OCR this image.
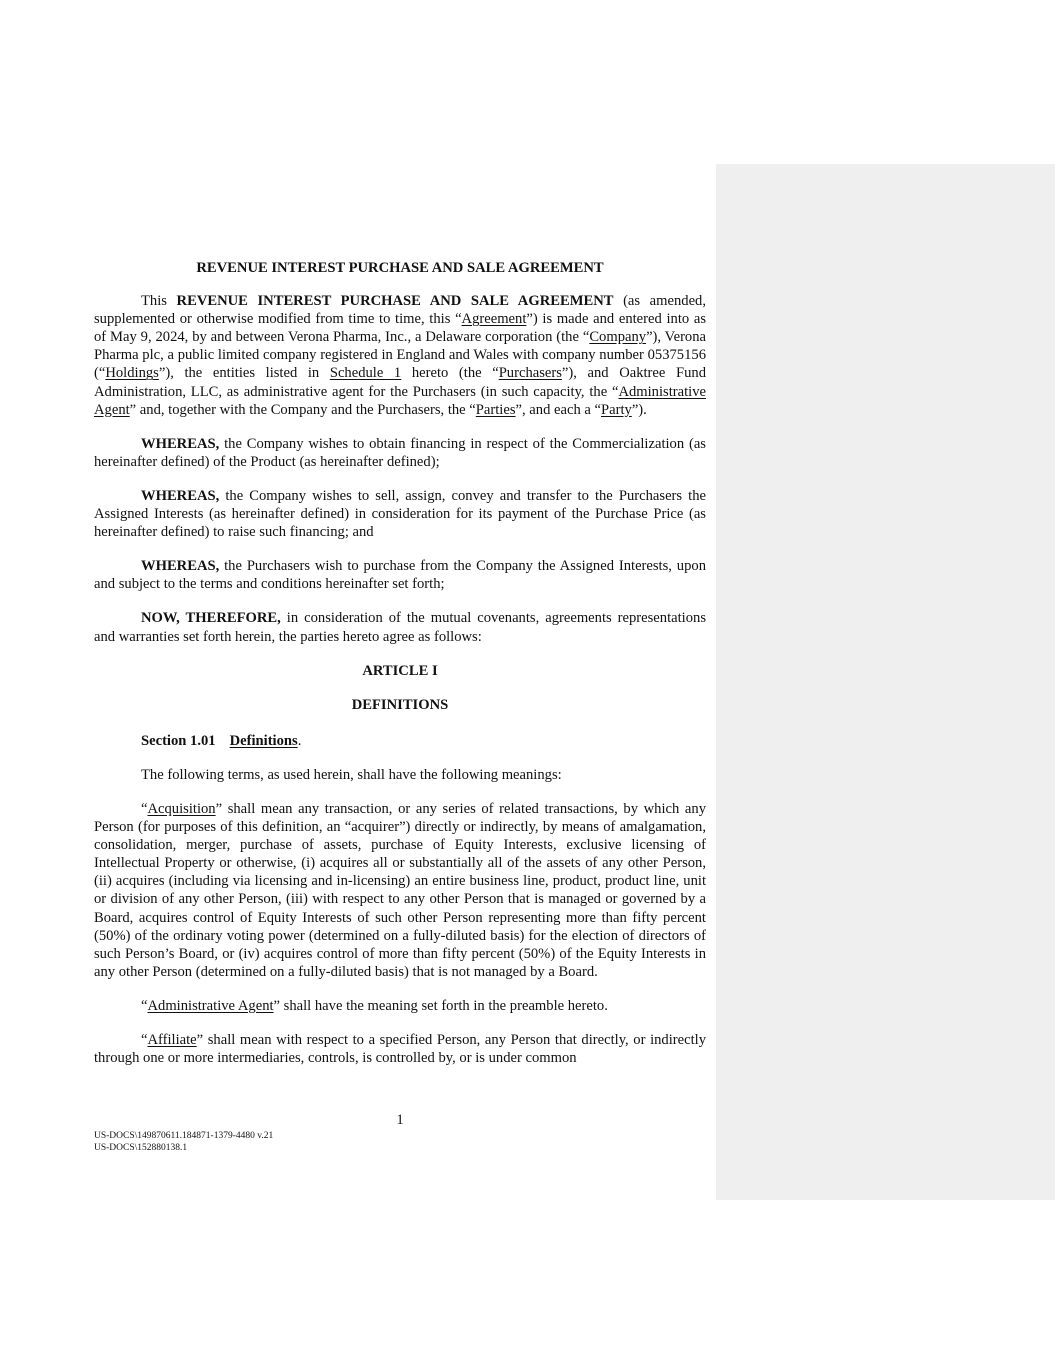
REVENUE INTEREST PURCHASE AND SALE AGREEMENT

This REVENUE INTEREST PURCHASE AND SALE AGREEMENT (as amended, supplemented or otherwise modified from time to time, this “Agreement”) is made and entered into as of May 9, 2024, by and between Verona Pharma, Inc., a Delaware corporation (the “Company”), Verona Pharma plc, a public limited company registered in England and Wales with company number 05375156 (“Holdings”), the entities listed in Schedule 1 hereto (the “Purchasers”), and Oaktree Fund Administration, LLC, as administrative agent for the Purchasers (in such capacity, the “Administrative Agent” and, together with the Company and the Purchasers, the “Parties”, and each a “Party”).

WHEREAS, the Company wishes to obtain financing in respect of the Commercialization (as hereinafter defined) of the Product (as hereinafter defined);

WHEREAS, the Company wishes to sell, assign, convey and transfer to the Purchasers the Assigned Interests (as hereinafter defined) in consideration for its payment of the Purchase Price (as hereinafter defined) to raise such financing; and

WHEREAS, the Purchasers wish to purchase from the Company the Assigned Interests, upon and subject to the terms and conditions hereinafter set forth;

NOW, THEREFORE, in consideration of the mutual covenants, agreements representations and warranties set forth herein, the parties hereto agree as follows:

ARTICLE I

DEFINITIONS

Section 1.01 Definitions.

The following terms, as used herein, shall have the following meanings:

“Acquisition” shall mean any transaction, or any series of related transactions, by which any Person (for purposes of this definition, an “acquirer”) directly or indirectly, by means of amalgamation, consolidation, merger, purchase of assets, purchase of Equity Interests, exclusive licensing of Intellectual Property or otherwise, (i) acquires all or substantially all of the assets of any other Person, (ii) acquires (including via licensing and in-licensing) an entire business line, product, product line, unit or division of any other Person, (iii) with respect to any other Person that is managed or governed by a Board, acquires control of Equity Interests of such other Person representing more than fifty percent (50%) of the ordinary voting power (determined on a fully-diluted basis) for the election of directors of such Person’s Board, or (iv) acquires control of more than fifty percent (50%) of the Equity Interests in any other Person (determined on a fully-diluted basis) that is not managed by a Board.

“Administrative Agent” shall have the meaning set forth in the preamble hereto.

“Affiliate” shall mean with respect to a specified Person, any Person that directly, or indirectly through one or more intermediaries, controls, is controlled by, or is under common

1
US-DOCS\149870611.184871-1379-4480 v.21
US-DOCS\152880138.1
